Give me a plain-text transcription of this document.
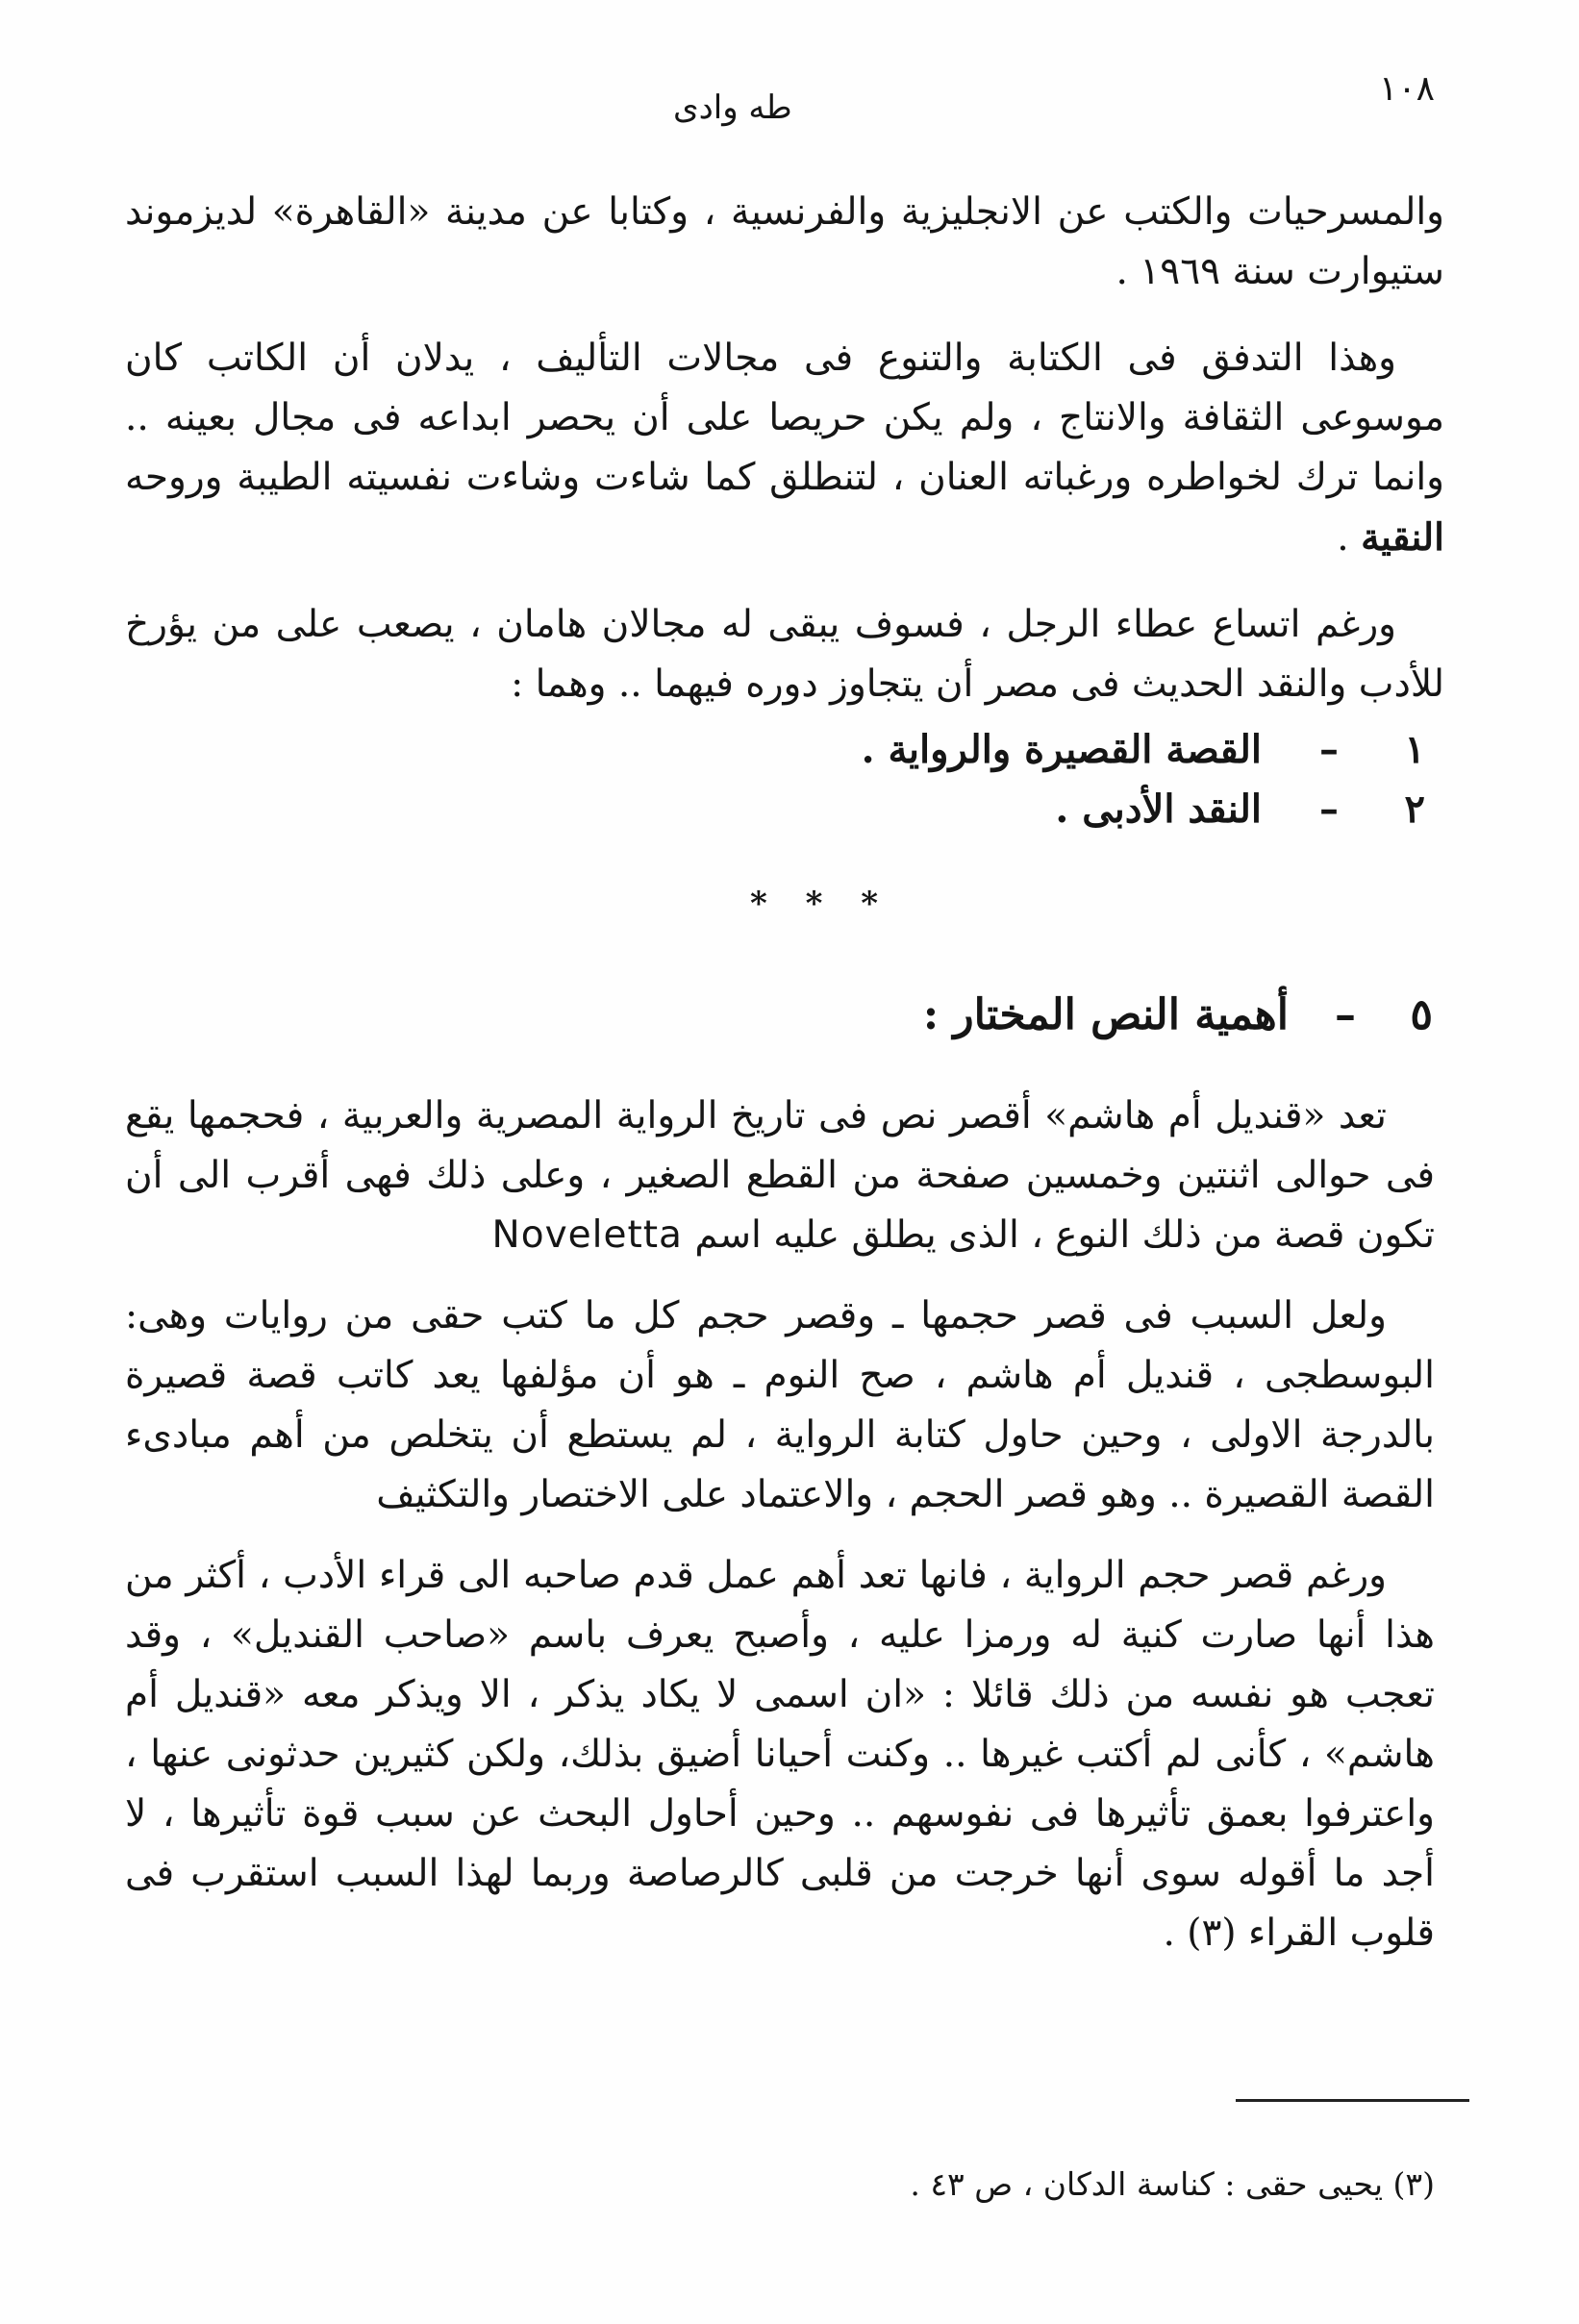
١٠٨
طه وادى

والمسرحيات والكتب عن الانجليزية والفرنسية ، وكتابا عن مدينة «القاهرة» لديزموند ستيوارت سنة ١٩٦٩ .

وهذا التدفق فى الكتابة والتنوع فى مجالات التأليف ، يدلان أن الكاتب كان موسوعى الثقافة والانتاج ، ولم يكن حريصا على أن يحصر ابداعه فى مجال بعينه .. وانما ترك لخواطره ورغباته العنان ، لتنطلق كما شاءت وشاءت نفسيته الطيبة وروحه النقية .

ورغم اتساع عطاء الرجل ، فسوف يبقى له مجالان هامان ، يصعب على من يؤرخ للأدب والنقد الحديث فى مصر أن يتجاوز دوره فيهما .. وهما :

١–القصة القصيرة والرواية .
٢–النقد الأدبى .
* * *
٥–أهمية النص المختار :

تعد «قنديل أم هاشم» أقصر نص فى تاريخ الرواية المصرية والعربية ، فحجمها يقع فى حوالى اثنتين وخمسين صفحة من القطع الصغير ، وعلى ذلك فهى أقرب الى أن تكون قصة من ذلك النوع ، الذى يطلق عليه اسم Noveletta

ولعل السبب فى قصر حجمها ـ وقصر حجم كل ما كتب حقى من روايات وهى: البوسطجى ، قنديل أم هاشم ، صح النوم ـ هو أن مؤلفها يعد كاتب قصة قصيرة بالدرجة الاولى ، وحين حاول كتابة الرواية ، لم يستطع أن يتخلص من أهم مبادىء القصة القصيرة .. وهو قصر الحجم ، والاعتماد على الاختصار والتكثيف

ورغم قصر حجم الرواية ، فانها تعد أهم عمل قدم صاحبه الى قراء الأدب ، أكثر من هذا أنها صارت كنية له ورمزا عليه ، وأصبح يعرف باسم «صاحب القنديل» ، وقد تعجب هو نفسه من ذلك قائلا : «ان اسمى لا يكاد يذكر ، الا ويذكر معه «قنديل أم هاشم» ، كأنى لم أكتب غيرها .. وكنت أحيانا أضيق بذلك، ولكن كثيرين حدثونى عنها ، واعترفوا بعمق تأثيرها فى نفوسهم .. وحين أحاول البحث عن سبب قوة تأثيرها ، لا أجد ما أقوله سوى أنها خرجت من قلبى كالرصاصة وربما لهذا السبب استقرب فى قلوب القراء (٣) .

(٣) يحيى حقى : كناسة الدكان ، ص ٤٣ .
